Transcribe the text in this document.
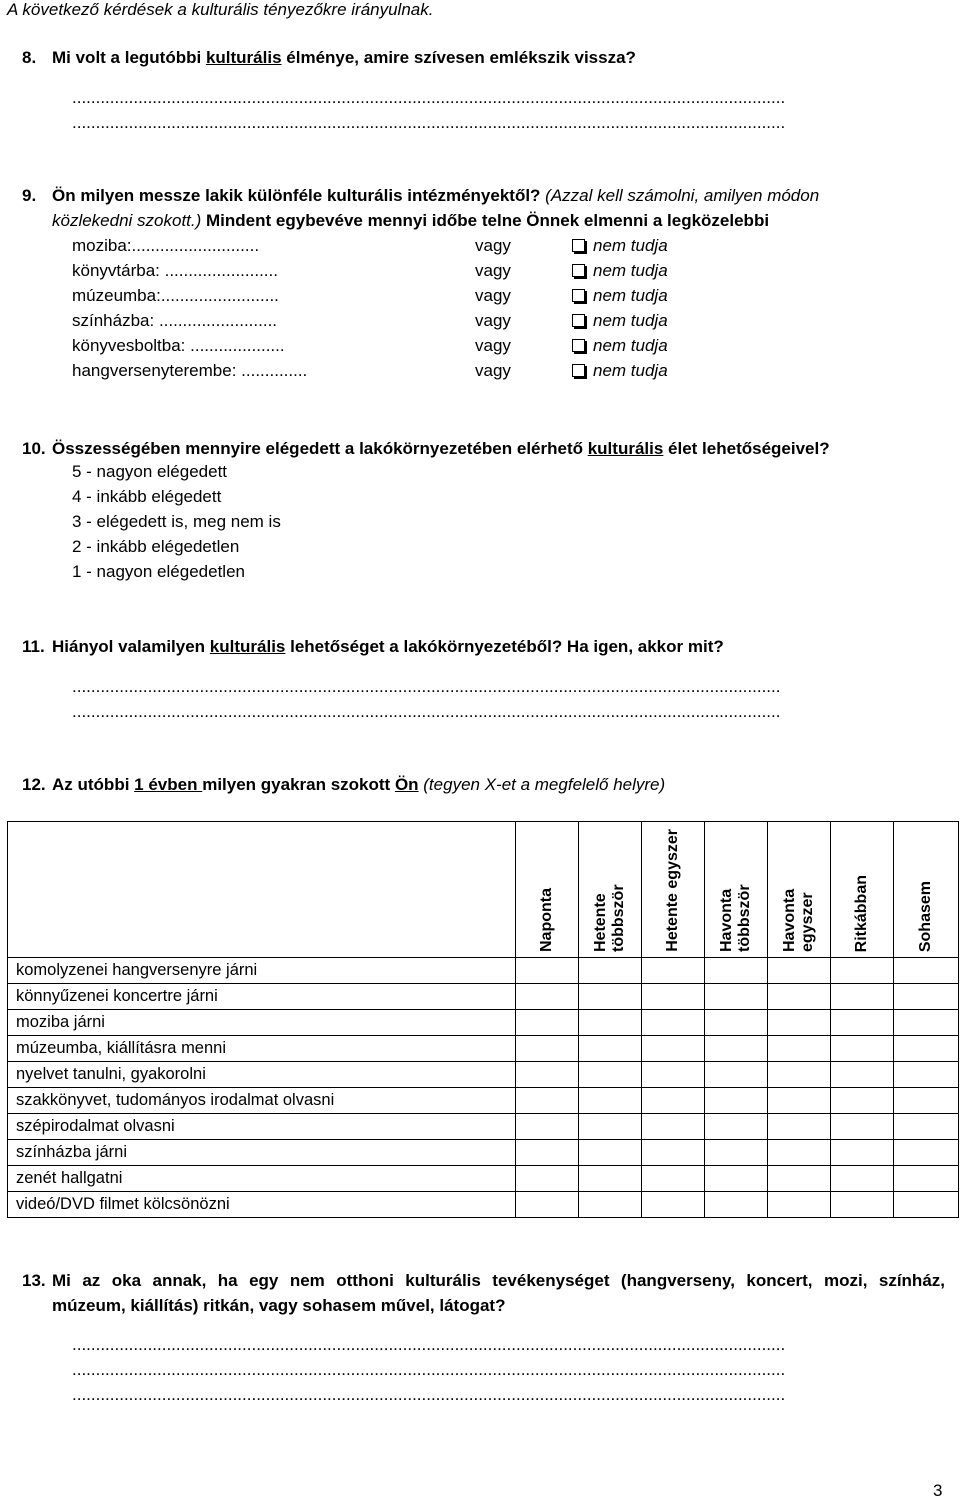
A következő kérdések a kulturális tényezőkre irányulnak.
8. Mi volt a legutóbbi kulturális élménye, amire szívesen emlékszik vissza?
.......................................................................................................................................................
.......................................................................................................................................................
9. Ön milyen messze lakik különféle kulturális intézményektől? (Azzal kell számolni, amilyen módon
közlekedni szokott.) Mindent egybevéve mennyi időbe telne Önnek elmenni a legközelebbi
moziba:...........................	vagy	nem tudja
könyvtárba: ........................	vagy	nem tudja
múzeumba:.........................	vagy	nem tudja
színházba: .........................	vagy	nem tudja
könyvesboltba: ....................	vagy	nem tudja
hangversenyterembe: ..............	vagy	nem tudja
10. Összességében mennyire elégedett a lakókörnyezetében elérhető kulturális élet lehetőségeivel?
5 - nagyon elégedett
4 - inkább elégedett
3 - elégedett is, meg nem is
2 - inkább elégedetlen
1 - nagyon elégedetlen
11. Hiányol valamilyen kulturális lehetőséget a lakókörnyezetéből? Ha igen, akkor mit?
......................................................................................................................................................
......................................................................................................................................................
12. Az utóbbi 1 évben milyen gyakran szokott Ön (tegyen X-et a megfelelő helyre)
	Naponta	Hetente többször	Hetente egyszer	Havonta többször	Havonta egyszer	Ritkábban	Sohasem
komolyzenei hangversenyre járni							
könnyűzenei koncertre járni							
moziba járni							
múzeumba, kiállításra menni							
nyelvet tanulni, gyakorolni							
szakkönyvet, tudományos irodalmat olvasni							
szépirodalmat olvasni							
színházba járni							
zenét hallgatni							
videó/DVD filmet kölcsönözni							
13. Mi az oka annak, ha egy nem otthoni kulturális tevékenységet (hangverseny, koncert, mozi, színház,
múzeum, kiállítás) ritkán, vagy sohasem művel, látogat?
.......................................................................................................................................................
.......................................................................................................................................................
.......................................................................................................................................................
3
